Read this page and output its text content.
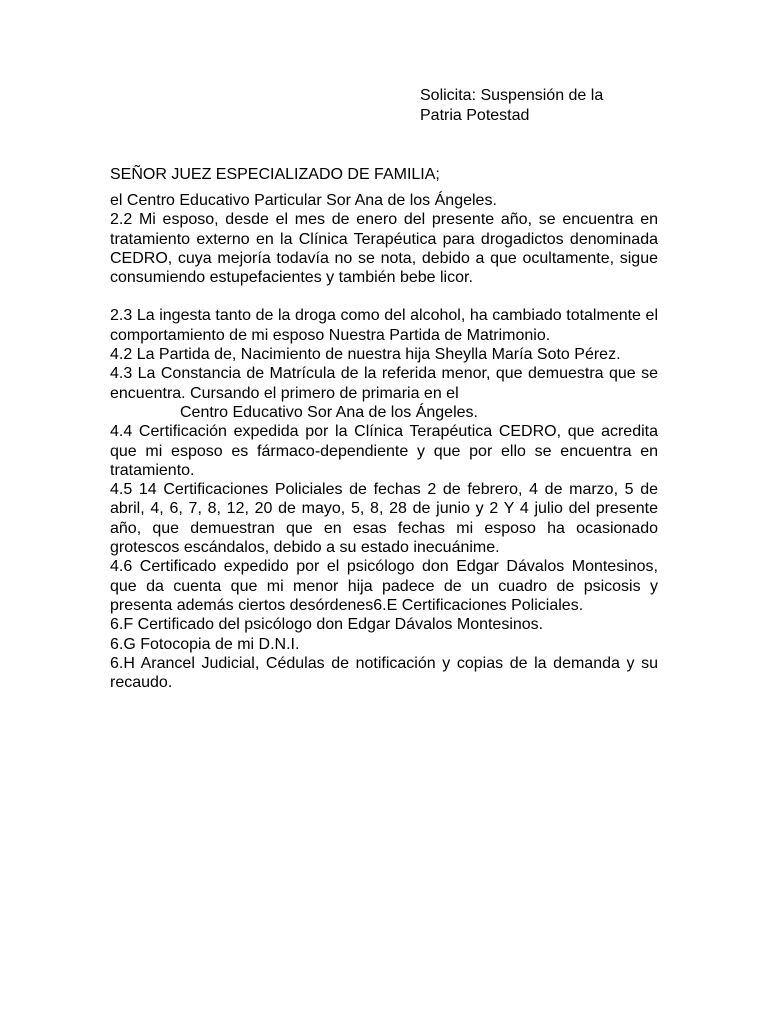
Solicita: Suspensión de la
Patria Potestad
SEÑOR JUEZ ESPECIALIZADO DE FAMILIA;

el Centro Educativo Particular Sor Ana de los Ángeles.

2.2 Mi esposo, desde el mes de enero del presente año, se encuentra en tratamiento externo en la Clínica Terapéutica para drogadictos denominada CEDRO, cuya mejoría todavía no se nota, debido a que ocultamente, sigue consumiendo estupefacientes y también bebe licor.

2.3 La ingesta tanto de la droga como del alcohol, ha cambiado totalmente el comportamiento de mi esposo Nuestra Partida de Matrimonio.

4.2 La Partida de, Nacimiento de nuestra hija Sheylla María Soto Pérez.

4.3 La Constancia de Matrícula de la referida menor, que demuestra que se encuentra. Cursando el primero de primaria en el

Centro Educativo Sor Ana de los Ángeles.

4.4 Certificación expedida por la Clínica Terapéutica CEDRO, que acredita que mi esposo es fármaco-dependiente y que por ello se encuentra en tratamiento.

4.5 14 Certificaciones Policiales de fechas 2 de febrero, 4 de marzo, 5 de abril, 4, 6, 7, 8, 12, 20 de mayo, 5, 8, 28 de junio y 2 Y 4 julio del presente año, que demuestran que en esas fechas mi esposo ha ocasionado grotescos escándalos, debido a su estado inecuánime.

4.6 Certificado expedido por el psicólogo don Edgar Dávalos Montesinos, que da cuenta que mi menor hija padece de un cuadro de psicosis y presenta además ciertos desórdenes6.E Certificaciones Policiales.

6.F Certificado del psicólogo don Edgar Dávalos Montesinos.

6.G Fotocopia de mi D.N.I.

6.H Arancel Judicial, Cédulas de notificación y copias de la demanda y su recaudo.
